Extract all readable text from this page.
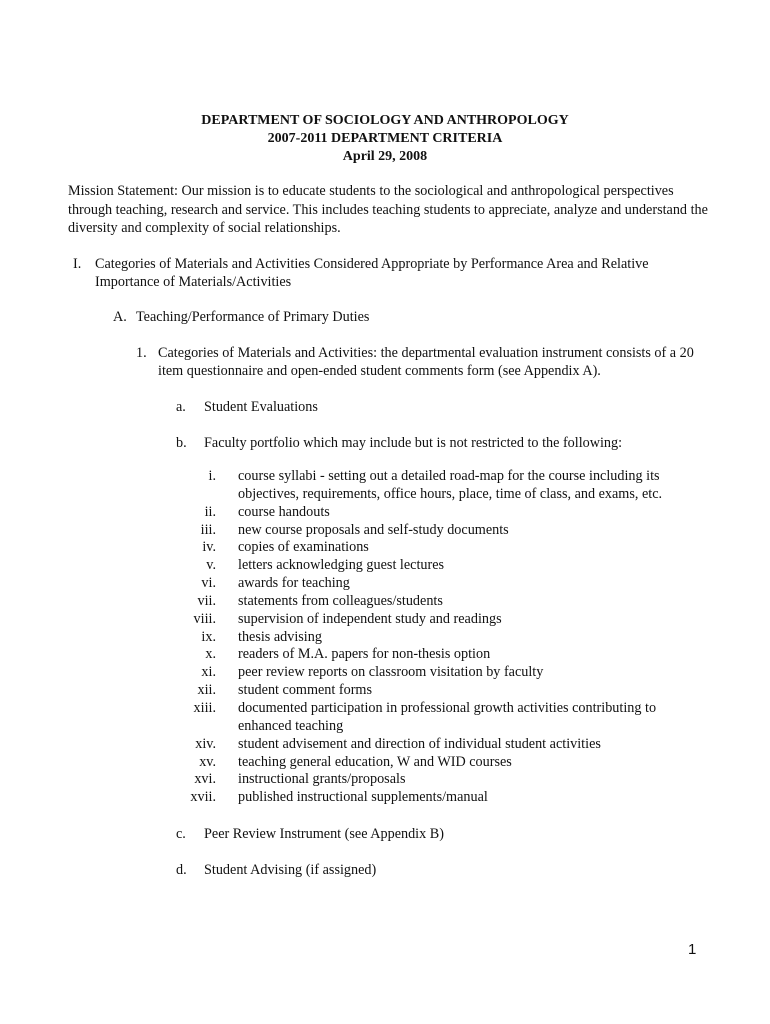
DEPARTMENT OF SOCIOLOGY AND ANTHROPOLOGY
2007-2011 DEPARTMENT CRITERIA
April 29, 2008
Mission Statement: Our mission is to educate students to the sociological and anthropological perspectives through teaching, research and service. This includes teaching students to appreciate, analyze and understand the diversity and complexity of social relationships.
I. Categories of Materials and Activities Considered Appropriate by Performance Area and Relative Importance of Materials/Activities
A. Teaching/Performance of Primary Duties
1. Categories of Materials and Activities: the departmental evaluation instrument consists of a 20 item questionnaire and open-ended student comments form (see Appendix A).
a. Student Evaluations
b. Faculty portfolio which may include but is not restricted to the following:
i. course syllabi - setting out a detailed road-map for the course including its objectives, requirements, office hours, place, time of class, and exams, etc.
ii. course handouts
iii. new course proposals and self-study documents
iv. copies of examinations
v. letters acknowledging guest lectures
vi. awards for teaching
vii. statements from colleagues/students
viii. supervision of independent study and readings
ix. thesis advising
x. readers of M.A. papers for non-thesis option
xi. peer review reports on classroom visitation by faculty
xii. student comment forms
xiii. documented participation in professional growth activities contributing to enhanced teaching
xiv. student advisement and direction of individual student activities
xv. teaching general education, W and WID courses
xvi. instructional grants/proposals
xvii. published instructional supplements/manual
c. Peer Review Instrument (see Appendix B)
d. Student Advising (if assigned)
1
